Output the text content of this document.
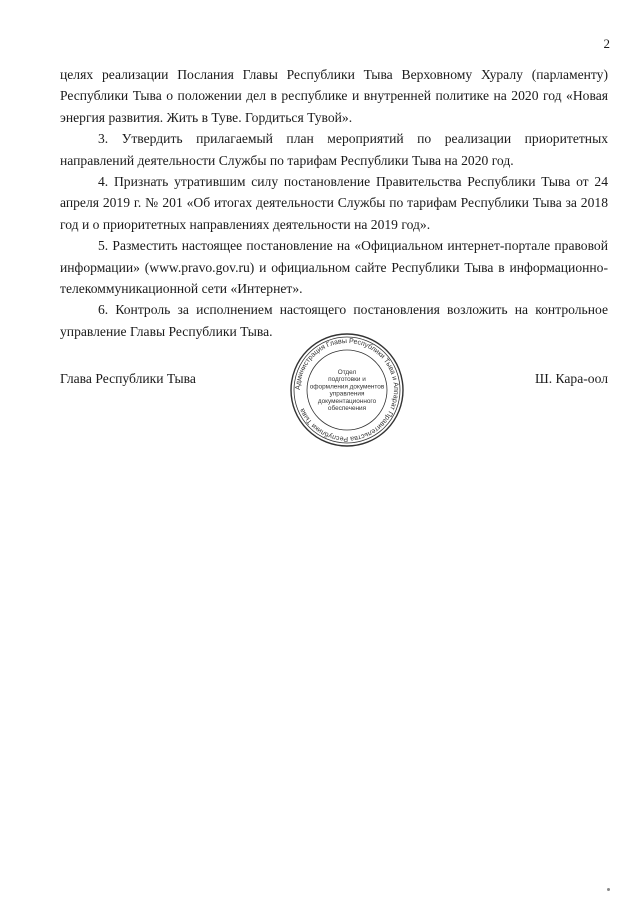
2

целях реализации Послания Главы Республики Тыва Верховному Хуралу (парламенту) Республики Тыва о положении дел в республике и внутренней политике на 2020 год «Новая энергия развития. Жить в Туве. Гордиться Тувой».

3. Утвердить прилагаемый план мероприятий по реализации приоритетных направлений деятельности Службы по тарифам Республики Тыва на 2020 год.

4. Признать утратившим силу постановление Правительства Республики Тыва от 24 апреля 2019 г. № 201 «Об итогах деятельности Службы по тарифам Республики Тыва за 2018 год и о приоритетных направлениях деятельности на 2019 год».

5. Разместить настоящее постановление на «Официальном интернет-портале правовой информации» (www.pravo.gov.ru) и официальном сайте Республики Тыва в информационно-телекоммуникационной сети «Интернет».

6. Контроль за исполнением настоящего постановления возложить на контрольное управление Главы Республики Тыва.

Глава Республики Тыва	Ш. Кара-оол
Администрация Главы Республики Тыва и Аппарат Правительства Республики Тыва
Отдел
подготовки и
оформления документов
управления
документационного
обеспечения
